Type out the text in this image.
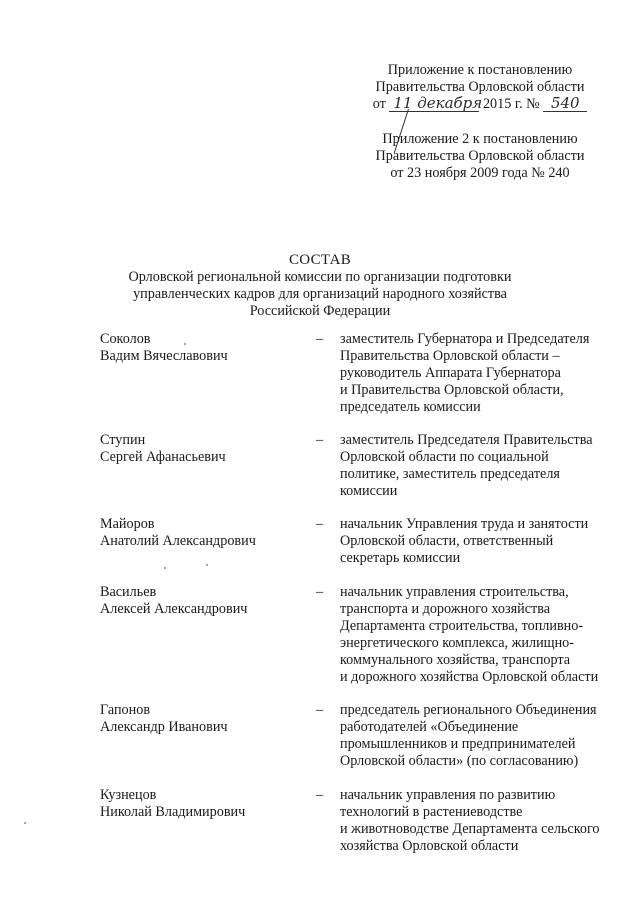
Приложение к постановлению
Правительства Орловской области
от 11 декабря 2015 г. № 540
Приложение 2 к постановлению
Правительства Орловской области
от 23 ноября 2009 года № 240
СОСТАВ
Орловской региональной комиссии по организации подготовки
управленческих кадров для организаций народного хозяйства
Российской Федерации
Соколов
Вадим Вячеславович
–	заместитель Губернатора и Председателя
Правительства Орловской области –
руководитель Аппарата Губернатора
и Правительства Орловской области,
председатель комиссии
Ступин
Сергей Афанасьевич
–	заместитель Председателя Правительства
Орловской области по социальной
политике, заместитель председателя
комиссии
Майоров
Анатолий Александрович
–	начальник Управления труда и занятости
Орловской области, ответственный
секретарь комиссии
Васильев
Алексей Александрович
–	начальник управления строительства,
транспорта и дорожного хозяйства
Департамента строительства, топливно-
энергетического комплекса, жилищно-
коммунального хозяйства, транспорта
и дорожного хозяйства Орловской области
Гапонов
Александр Иванович
–	председатель регионального Объединения
работодателей «Объединение
промышленников и предпринимателей
Орловской области» (по согласованию)
Кузнецов
Николай Владимирович
–	начальник управления по развитию
технологий в растениеводстве
и животноводстве Департамента сельского
хозяйства Орловской области
